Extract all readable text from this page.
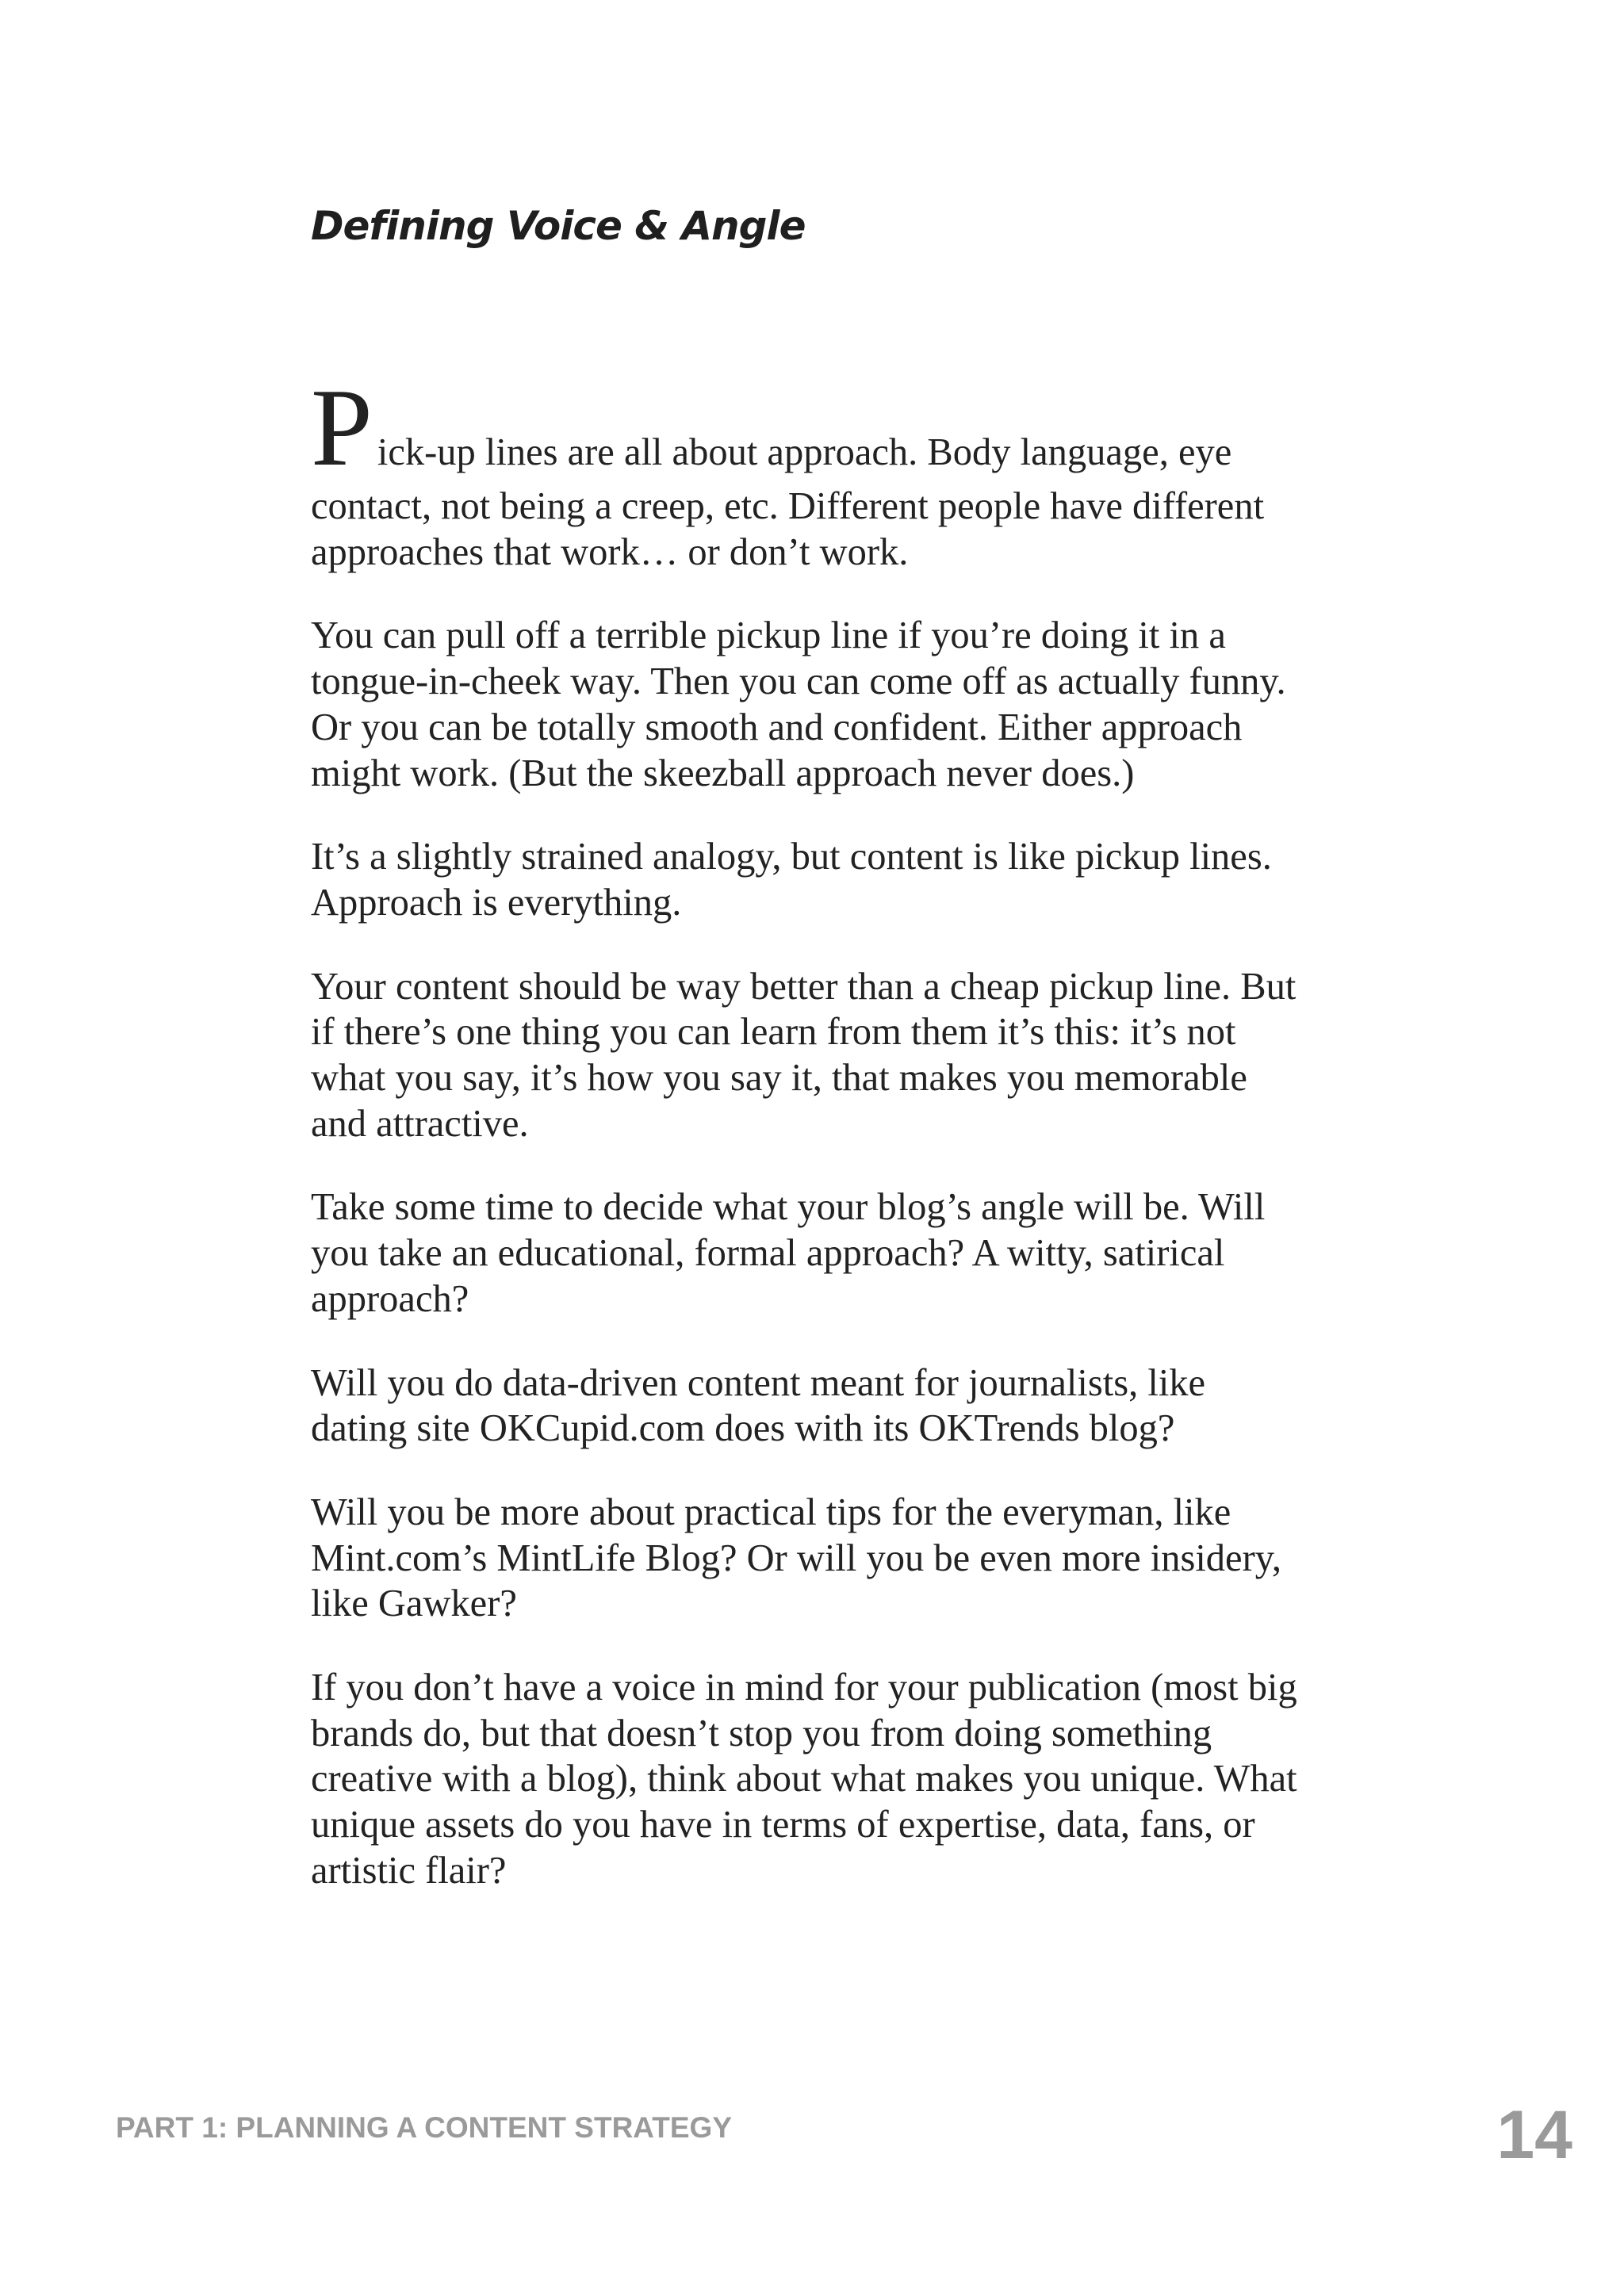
Defining Voice & Angle

Pick-up lines are all about approach. Body language, eye contact, not being a creep, etc. Different people have different approaches that work… or don’t work.

You can pull off a terrible pickup line if you’re doing it in a tongue-in-cheek way. Then you can come off as actually funny. Or you can be totally smooth and confident. Either approach might work. (But the skeezball approach never does.)

It’s a slightly strained analogy, but content is like pickup lines. Approach is everything.

Your content should be way better than a cheap pickup line. But if there’s one thing you can learn from them it’s this: it’s not what you say, it’s how you say it, that makes you memorable and attractive.

Take some time to decide what your blog’s angle will be. Will you take an educational, formal approach? A witty, satirical approach?

Will you do data-driven content meant for journalists, like dating site OKCupid.com does with its OKTrends blog?

Will you be more about practical tips for the everyman, like Mint.com’s MintLife Blog? Or will you be even more insidery, like Gawker?

If you don’t have a voice in mind for your publication (most big brands do, but that doesn’t stop you from doing something creative with a blog), think about what makes you unique. What unique assets do you have in terms of expertise, data, fans, or artistic flair?

PART 1: PLANNING A CONTENT STRATEGY	14
